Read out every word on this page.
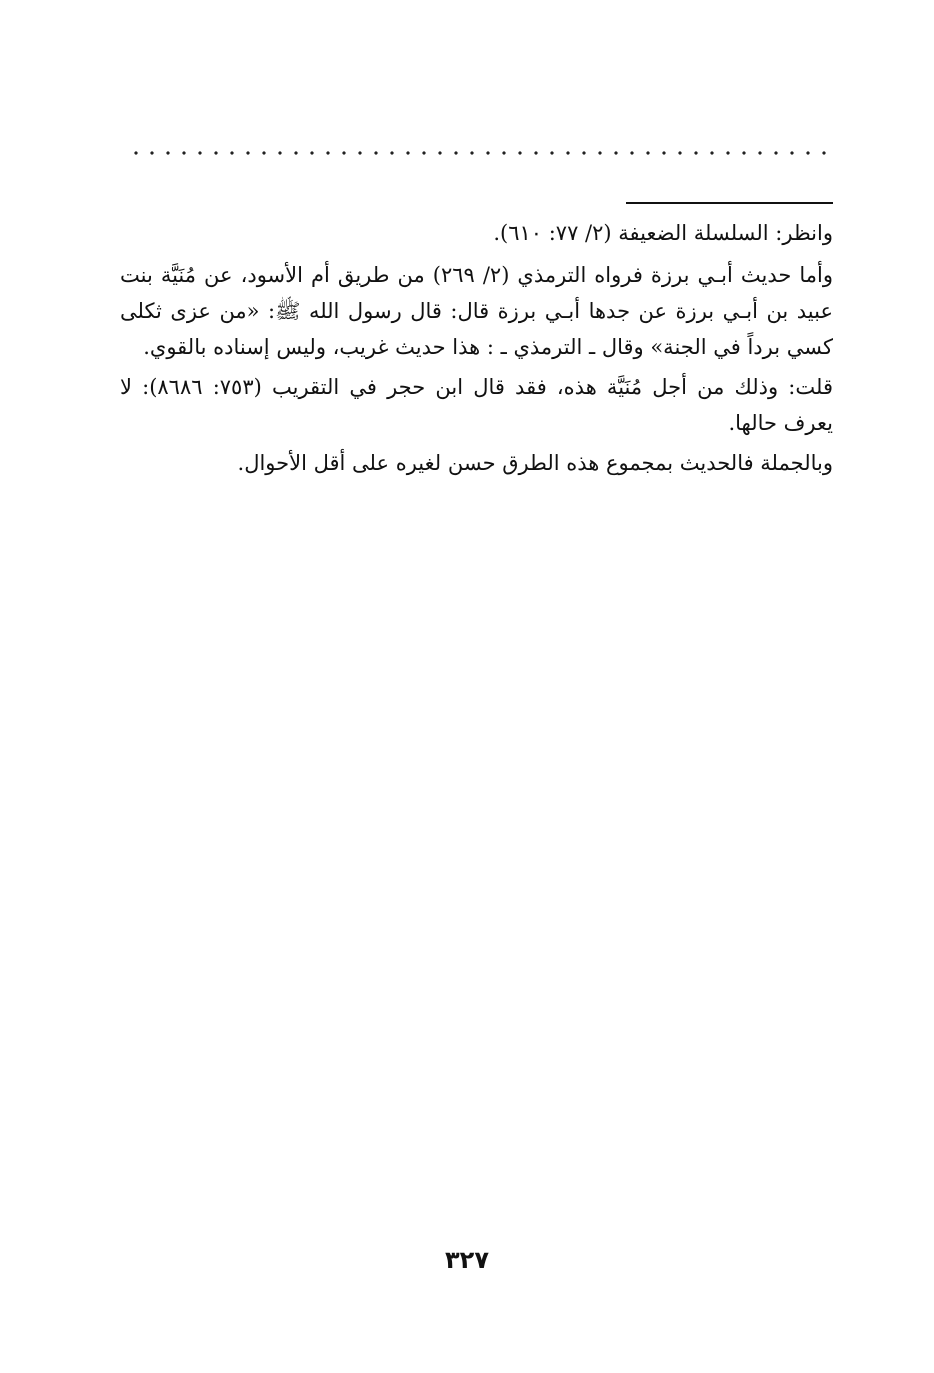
وانظر: السلسلة الضعيفة (٢/ ٧٧: ٦١٠).

وأما حديث أبـي برزة فرواه الترمذي (٢/ ٢٦٩) من طريق أم الأسود، عن مُنَيَّة بنت عبيد بن أبـي برزة عن جدها أبـي برزة قال: قال رسول الله ﷺ: «من عزى ثكلى كسي برداً في الجنة» وقال ـ الترمذي ـ : هذا حديث غريب، وليس إسناده بالقوي.

قلت: وذلك من أجل مُنَيَّة هذه، فقد قال ابن حجر في التقريب (٧٥٣: ٨٦٨٦): لا يعرف حالها.

وبالجملة فالحديث بمجموع هذه الطرق حسن لغيره على أقل الأحوال.

٣٢٧
